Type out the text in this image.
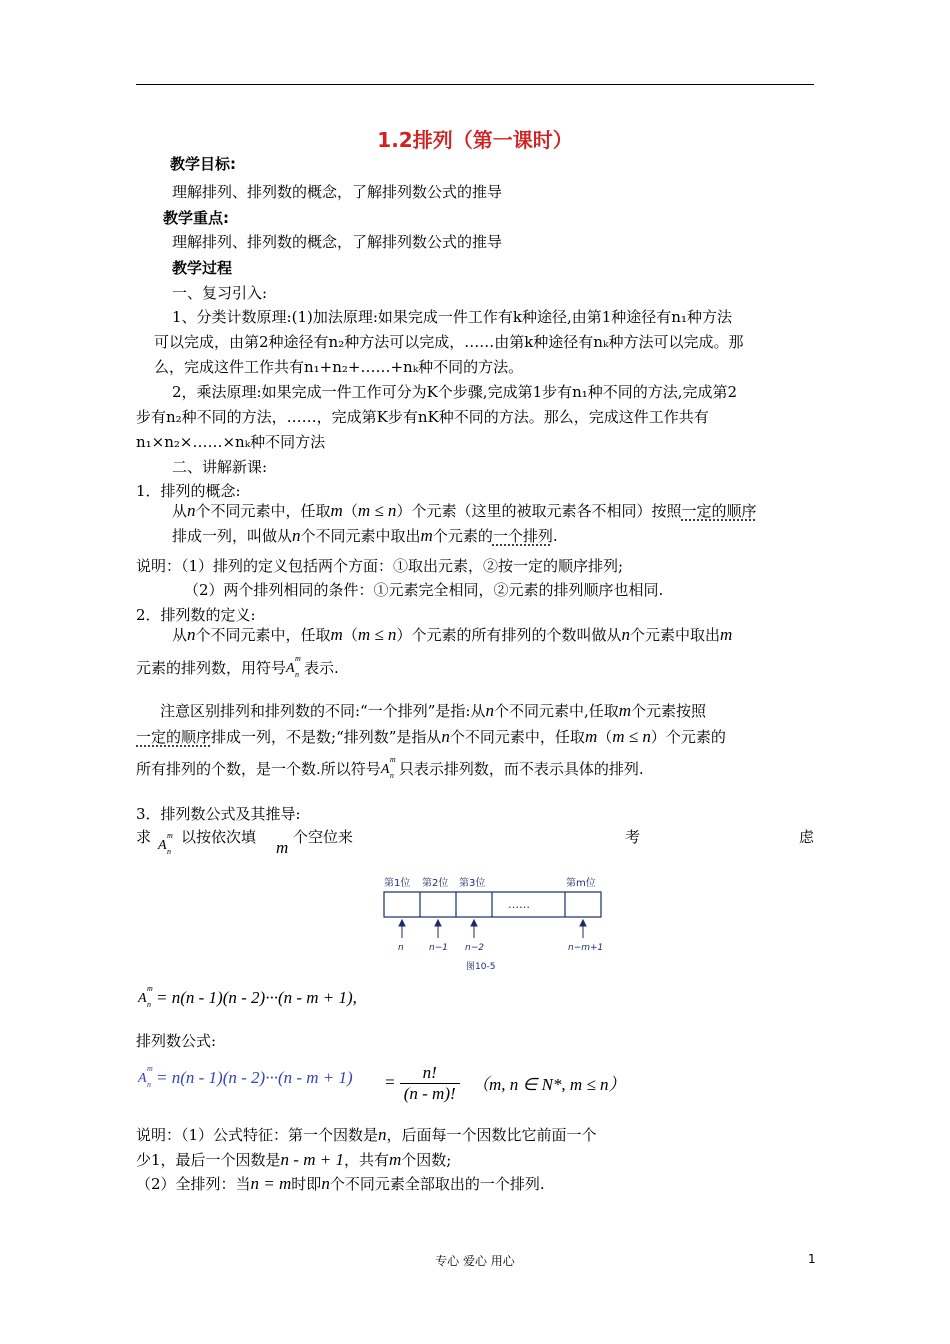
1.2排列（第一课时）
教学目标:
理解排列、排列数的概念，了解排列数公式的推导
教学重点:
理解排列、排列数的概念，了解排列数公式的推导
教学过程
一、复习引入:
1、分类计数原理:(1)加法原理:如果完成一件工作有k种途径,由第1种途径有n₁种方法
可以完成，由第2种途径有n₂种方法可以完成，……由第k种途径有nₖ种方法可以完成。那
么，完成这件工作共有n₁+n₂+……+nₖ种不同的方法。
2，乘法原理:如果完成一件工作可分为K个步骤,完成第1步有n₁种不同的方法,完成第2
步有n₂种不同的方法，……，完成第K步有nK种不同的方法。那么，完成这件工作共有
n₁×n₂×……×nₖ种不同方法
二、讲解新课:
1．排列的概念:
从n个不同元素中，任取m（m ≤ n）个元素（这里的被取元素各不相同）按照一定的顺序
排成一列，叫做从n个不同元素中取出m个元素的一个排列.
说明：（1）排列的定义包括两个方面：①取出元素，②按一定的顺序排列;
（2）两个排列相同的条件：①元素完全相同，②元素的排列顺序也相同.
2．排列数的定义:
从n个不同元素中，任取m（m ≤ n）个元素的所有排列的个数叫做从n个元素中取出m
元素的排列数，用符号 A
m
n 表示.
注意区别排列和排列数的不同:“一个排列”是指:从n个不同元素中,任取m个元素按照
一定的顺序排成一列，不是数;“排列数”是指从n个不同元素中，任取m（m ≤ n）个元素的
所有排列的个数，是一个数.所以符号 A
m
n 只表示排列数，而不表示具体的排列.
3．排列数公式及其推导:
求 A
m
n
以按依次填
m
个空位来	考	虑
第1位 第2位 第3位	第m位
……
n	n−1 n−2	n−m+1
图10-5
A
m
n = n(n - 1)(n - 2)···(n - m + 1),
排列数公式:
A
m
$n = n(n - 1)(n - 2)\cdot\cdot\cdot(n - m + 1) = \frac{n!}{(n - m)!} (m$, n ∈ N*, m ≤ n）
说明：（1）公式特征：第一个因数是n，后面每一个因数比它前面一个
少1，最后一个因数是n - m + 1，共有m个因数;
（2）全排列：当n = m时即n个不同元素全部取出的一个排列.
专心 爱心 用心	1
